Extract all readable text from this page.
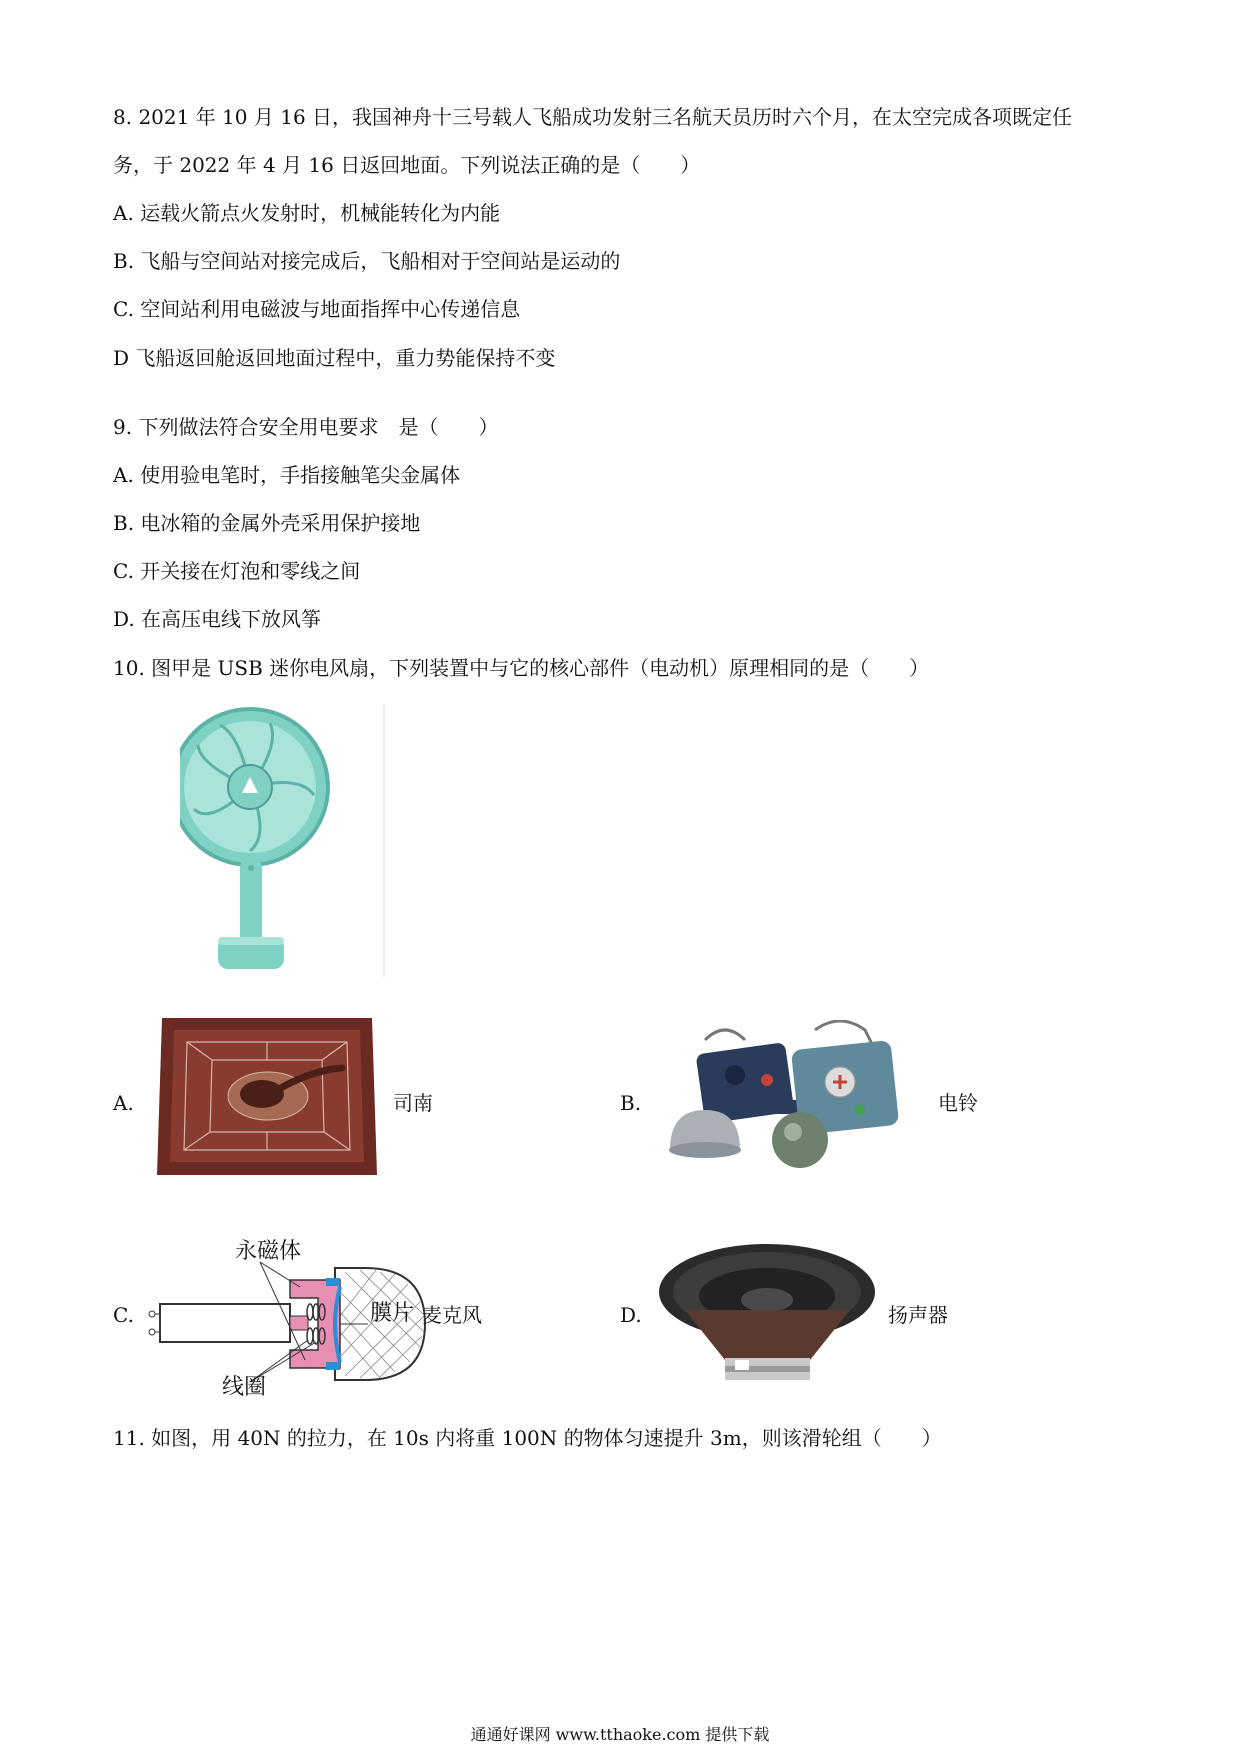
8. 2021 年 10 月 16 日，我国神舟十三号载人飞船成功发射三名航天员历时六个月，在太空完成各项既定任
务，于 2022 年 4 月 16 日返回地面。下列说法正确的是（　　）
A. 运载火箭点火发射时，机械能转化为内能
B. 飞船与空间站对接完成后，飞船相对于空间站是运动的
C. 空间站利用电磁波与地面指挥中心传递信息
D 飞船返回舱返回地面过程中，重力势能保持不变
9. 下列做法符合安全用电要求　是（　　）
A. 使用验电笔时，手指接触笔尖金属体
B. 电冰箱的金属外壳采用保护接地
C. 开关接在灯泡和零线之间
D. 在高压电线下放风筝
10. 图甲是 USB 迷你电风扇，下列装置中与它的核心部件（电动机）原理相同的是（　　）
A.	司南	B.	电铃
C.
永磁体
膜片
线圈
麦克风	D.	扬声器
11. 如图，用 40N 的拉力，在 10s 内将重 100N 的物体匀速提升 3m，则该滑轮组（　　）
通通好课网 www.tthaoke.com 提供下载
